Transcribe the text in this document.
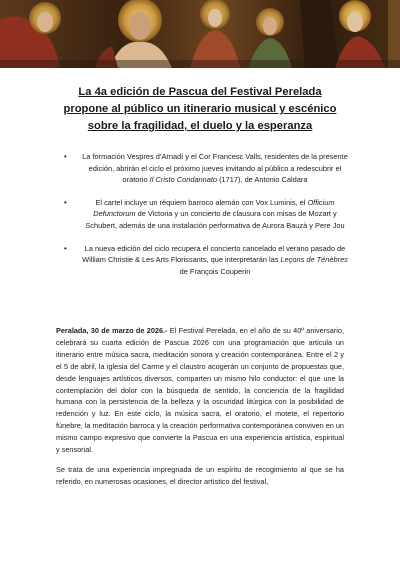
La 4a edición de Pascua del Festival Perelada
propone al público un itinerario musical y escénico
sobre la fragilidad, el duelo y la esperanza
•	La formación Vespres d’Arnadí y el Cor Francesc Valls, residentes de la presente edición, abrirán el ciclo el próximo jueves invitando al público a redescubrir el oratorio Il Cristo Condannato (1717), de Antonio Caldara

•	El cartel incluye un réquiem barroco alemán con Vox Luminis, el Officium Defunctorum de Victoria y un concierto de clausura con misas de Mozart y Schubert, además de una instalación performativa de Aurora Bauzà y Pere Jou

•	La nueva edición del ciclo recupera el concierto cancelado el verano pasado de William Christie & Les Arts Florissants, que interpretarán las Leçons de Ténèbres de François Couperin

Peralada, 30 de marzo de 2026.- El Festival Perelada, en el año de su 40º aniversario, celebrará su cuarta edición de Pascua 2026 con una programación que articula un itinerario entre música sacra, meditación sonora y creación contemporánea. Entre el 2 y el 5 de abril, la iglesia del Carme y el claustro acogerán un conjunto de propuestas que, desde lenguajes artísticos diversos, comparten un mismo hilo conductor: el que une la contemplación del dolor con la búsqueda de sentido, la conciencia de la fragilidad humana con la persistencia de la belleza y la oscuridad litúrgica con la posibilidad de redención y luz. En este ciclo, la música sacra, el oratorio, el motete, el repertorio fúnebre, la meditación barroca y la creación performativa contemporánea conviven en un mismo campo expresivo que convierte la Pascua en una experiencia artística, espiritual y sensorial.

Se trata de una experiencia impregnada de un espíritu de recogimiento al que se ha referido, en numerosas ocasiones, el director artístico del festival,
